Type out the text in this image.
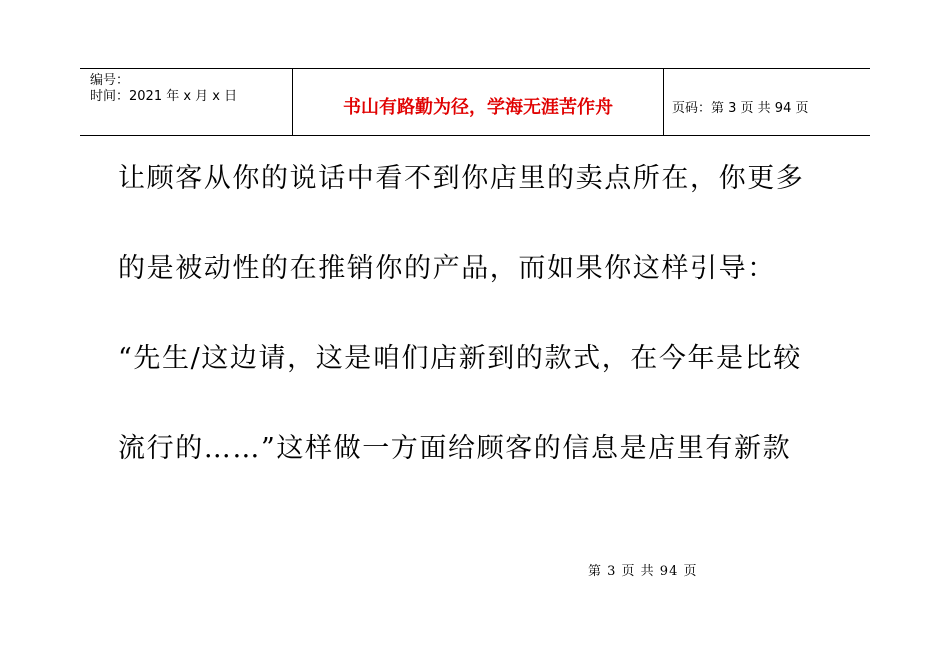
编号：
时间：2021 年 x 月 x 日
	书山有路勤为径，学海无涯苦作舟	页码：第 3 页 共 94 页
让顾客从你的说话中看不到你店里的卖点所在，你更多
的是被动性的在推销你的产品，而如果你这样引导：
“先生/这边请，这是咱们店新到的款式，在今年是比较
流行的……”这样做一方面给顾客的信息是店里有新款
第 3 页 共 94 页
